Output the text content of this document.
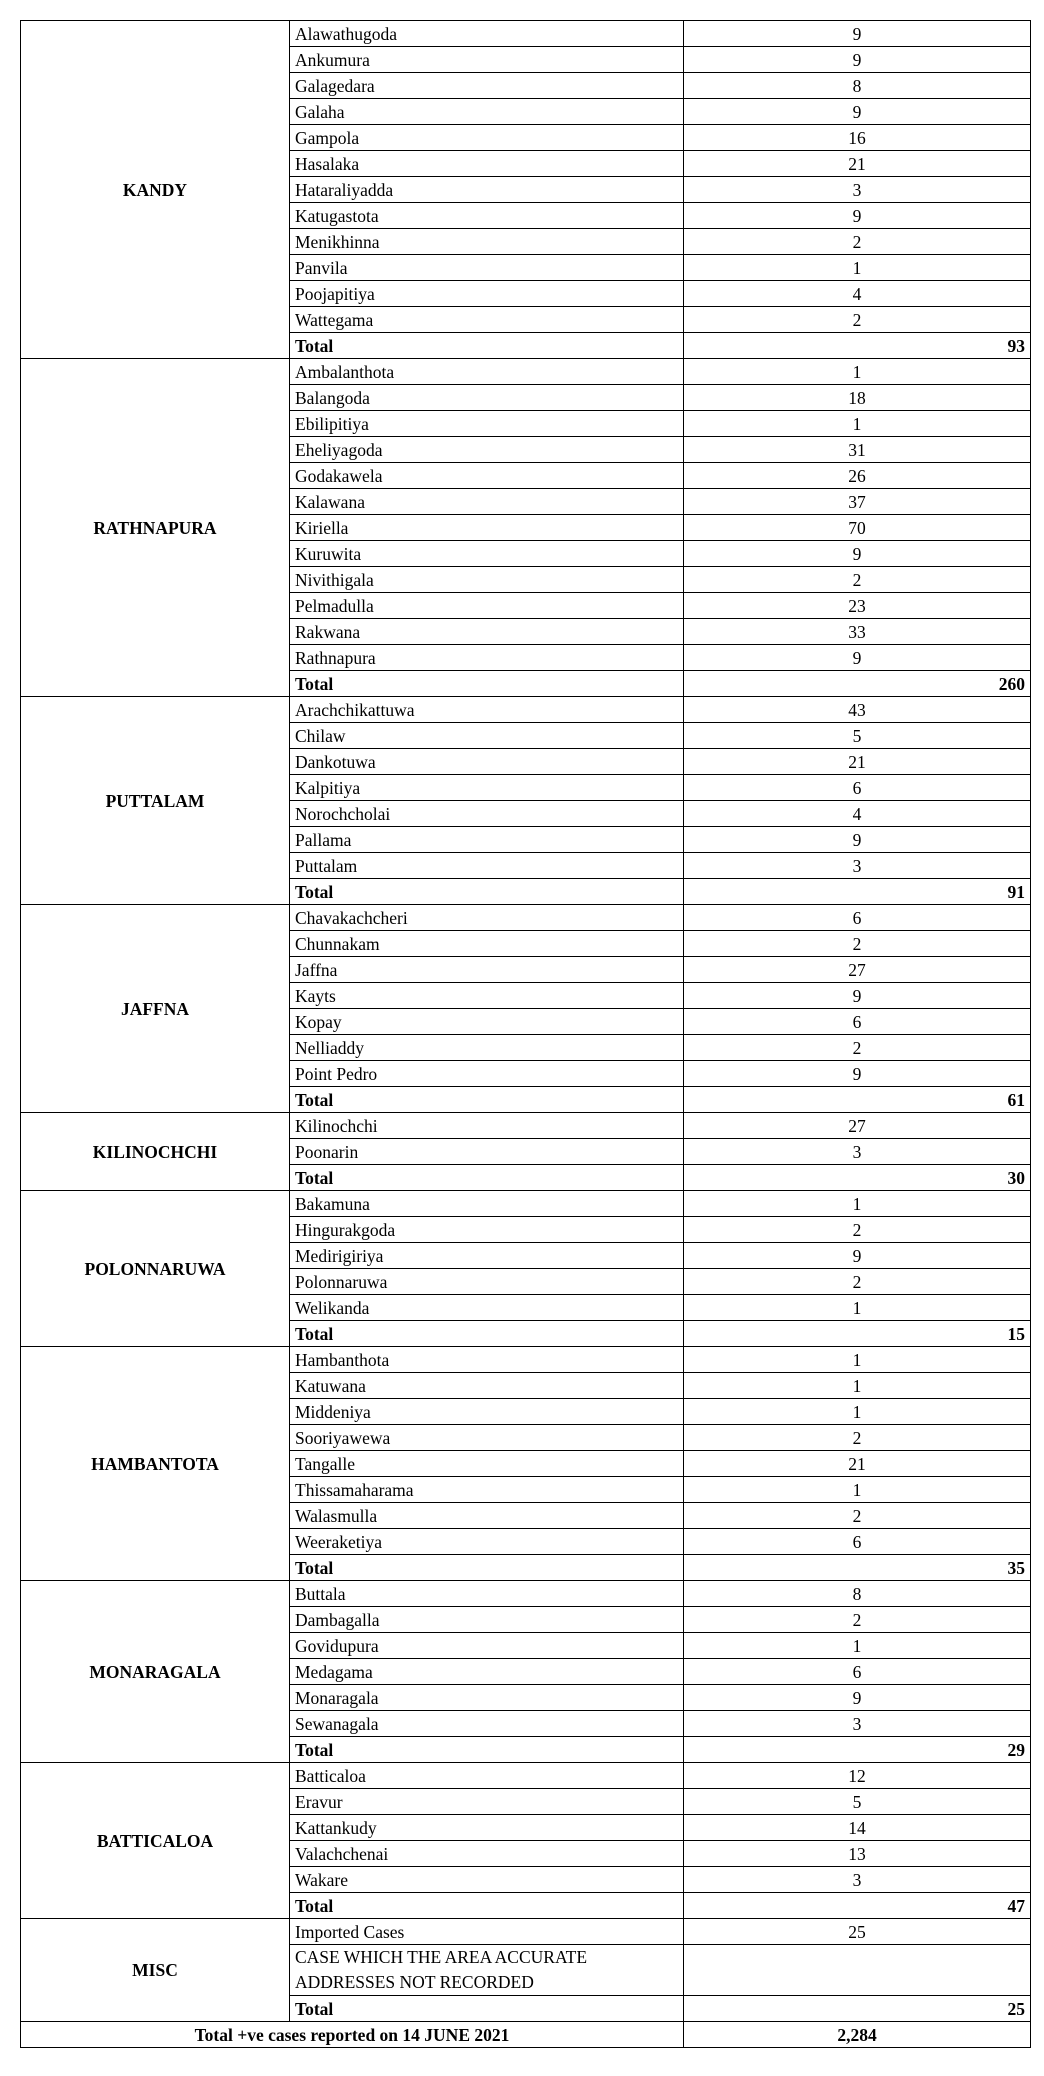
KANDY	Alawathugoda	9
	Ankumura	9
	Galagedara	8
	Galaha	9
	Gampola	16
	Hasalaka	21
	Hataraliyadda	3
	Katugastota	9
	Menikhinna	2
	Panvila	1
	Poojapitiya	4
	Wattegama	2
	Total	93
RATHNAPURA	Ambalanthota	1
	Balangoda	18
	Ebilipitiya	1
	Eheliyagoda	31
	Godakawela	26
	Kalawana	37
	Kiriella	70
	Kuruwita	9
	Nivithigala	2
	Pelmadulla	23
	Rakwana	33
	Rathnapura	9
	Total	260
PUTTALAM	Arachchikattuwa	43
	Chilaw	5
	Dankotuwa	21
	Kalpitiya	6
	Norochcholai	4
	Pallama	9
	Puttalam	3
	Total	91
JAFFNA	Chavakachcheri	6
	Chunnakam	2
	Jaffna	27
	Kayts	9
	Kopay	6
	Nelliaddy	2
	Point Pedro	9
	Total	61
KILINOCHCHI	Kilinochchi	27
	Poonarin	3
	Total	30
POLONNARUWA	Bakamuna	1
	Hingurakgoda	2
	Medirigiriya	9
	Polonnaruwa	2
	Welikanda	1
	Total	15
HAMBANTOTA	Hambanthota	1
	Katuwana	1
	Middeniya	1
	Sooriyawewa	2
	Tangalle	21
	Thissamaharama	1
	Walasmulla	2
	Weeraketiya	6
	Total	35
MONARAGALA	Buttala	8
	Dambagalla	2
	Govidupura	1
	Medagama	6
	Monaragala	9
	Sewanagala	3
	Total	29
BATTICALOA	Batticaloa	12
	Eravur	5
	Kattankudy	14
	Valachchenai	13
	Wakare	3
	Total	47
MISC	Imported Cases	25
	CASE WHICH THE AREA ACCURATE ADDRESSES NOT RECORDED	
	Total	25
Total +ve cases reported on 14 JUNE 2021		2,284
